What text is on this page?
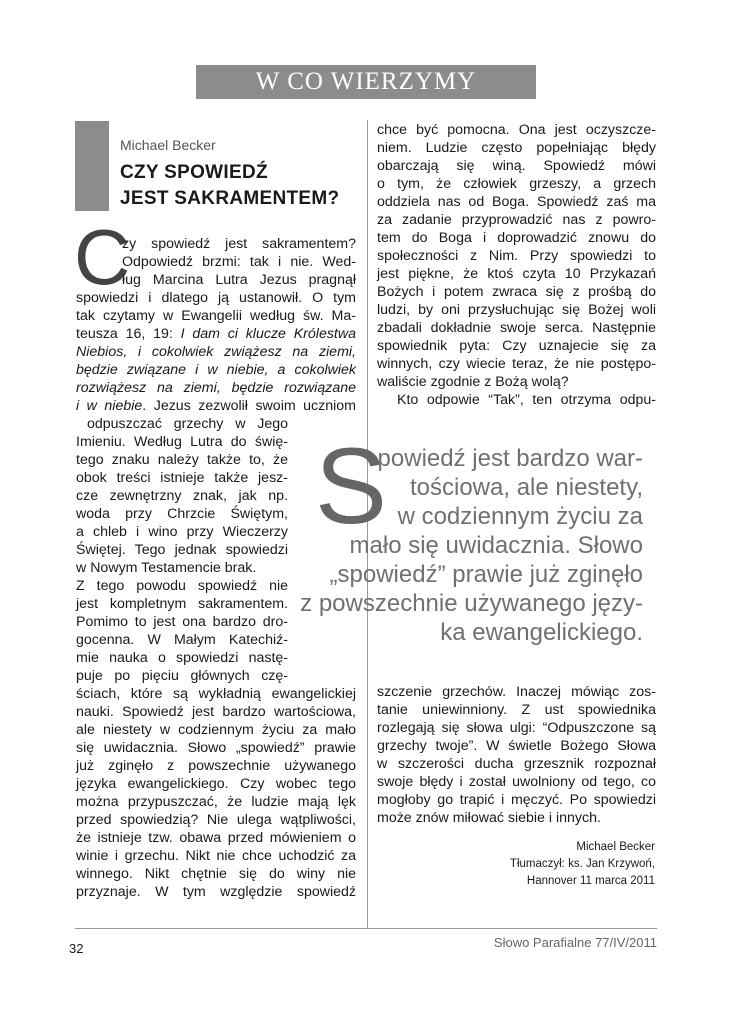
W CO WIERZYMY
Michael Becker
CZY SPOWIEDŹ
JEST SAKRAMENTEM?
C
zy spowiedź jest sakramentem?
Odpowiedź brzmi: tak i nie. Wed-
ług Marcina Lutra Jezus pragnął
spowiedzi i dlatego ją ustanowił. O tym
tak czytamy w Ewangelii według św. Ma-
teusza 16, 19: I dam ci klucze Królestwa
Niebios, i cokolwiek zwiążesz na ziemi,
będzie związane i w niebie, a cokolwiek
rozwiążesz na ziemi, będzie rozwiązane
i w niebie. Jezus zezwolił swoim uczniom
odpuszczać grzechy w Jego
Imieniu. Według Lutra do świę-
tego znaku należy także to, że
obok treści istnieje także jesz-
cze zewnętrzny znak, jak np.
woda przy Chrzcie Świętym,
a chleb i wino przy Wieczerzy
Świętej. Tego jednak spowiedzi
w Nowym Testamencie brak.
Z tego powodu spowiedź nie
jest kompletnym sakramentem.
Pomimo to jest ona bardzo dro-
gocenna. W Małym Katechiź-
mie nauka o spowiedzi nastę-
puje po pięciu głównych czę-
ściach, które są wykładnią ewangelickiej
nauki. Spowiedź jest bardzo wartościowa,
ale niestety w codziennym życiu za mało
się uwidacznia. Słowo „spowiedź” prawie
już zginęło z powszechnie używanego
języka ewangelickiego. Czy wobec tego
można przypuszczać, że ludzie mają lęk
przed spowiedzią? Nie ulega wątpliwości,
że istnieje tzw. obawa przed mówieniem o
winie i grzechu. Nikt nie chce uchodzić za
winnego. Nikt chętnie się do winy nie
przyznaje. W tym względzie spowiedź
chce być pomocna. Ona jest oczyszcze-
niem. Ludzie często popełniając błędy
obarczają się winą. Spowiedź mówi
o tym, że człowiek grzeszy, a grzech
oddziela nas od Boga. Spowiedź zaś ma
za zadanie przyprowadzić nas z powro-
tem do Boga i doprowadzić znowu do
społeczności z Nim. Przy spowiedzi to
jest piękne, że ktoś czyta 10 Przykazań
Bożych i potem zwraca się z prośbą do
ludzi, by oni przysłuchując się Bożej woli
zbadali dokładnie swoje serca. Następnie
spowiednik pyta: Czy uznajecie się za
winnych, czy wiecie teraz, że nie postępo-
waliście zgodnie z Bożą wolą?
Kto odpowie “Tak”, ten otrzyma odpu-
S
powiedź jest bardzo war-
tościowa, ale niestety,
w codziennym życiu za
mało się uwidacznia. Słowo
„spowiedź” prawie już zginęło
z powszechnie używanego języ-
ka ewangelickiego.
szczenie grzechów. Inaczej mówiąc zos-
tanie uniewinniony. Z ust spowiednika
rozlegają się słowa ulgi: “Odpuszczone są
grzechy twoje”. W świetle Bożego Słowa
w szczerości ducha grzesznik rozpoznał
swoje błędy i został uwolniony od tego, co
mogłoby go trapić i męczyć. Po spowiedzi
może znów miłować siebie i innych.
Michael Becker
Tłumaczył: ks. Jan Krzywoń,
Hannover 11 marca 2011
32	Słowo Parafialne 77/IV/2011
